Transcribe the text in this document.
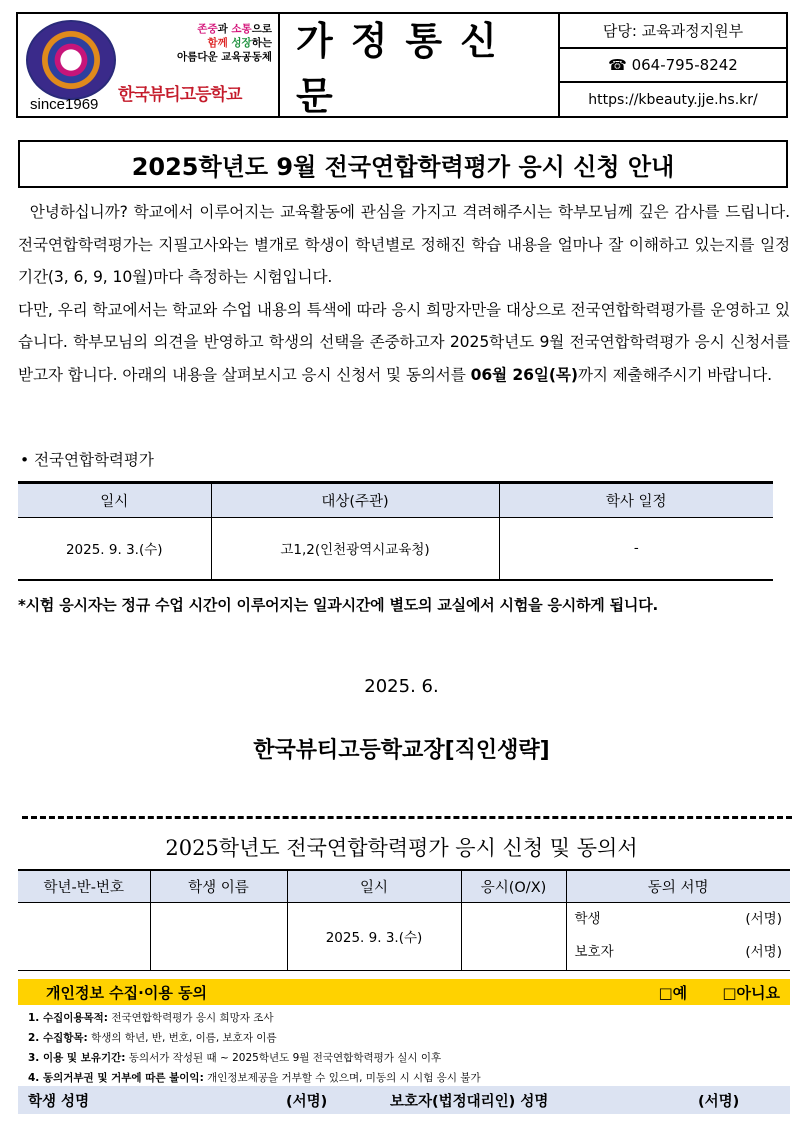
since1969
존중과 소통으로
함께 성장하는
아름다운 교육공동체
한국뷰티고등학교
가정통신문
담당: 교육과정지원부
☎ 064-795-8242
https://kbeauty.jje.hs.kr/
2025학년도 9월 전국연합학력평가 응시 신청 안내

안녕하십니까? 학교에서 이루어지는 교육활동에 관심을 가지고 격려해주시는 학부모님께 깊은 감사를 드립니다. 전국연합학력평가는 지필고사와는 별개로 학생이 학년별로 정해진 학습 내용을 얼마나 잘 이해하고 있는지를 일정 기간(3, 6, 9, 10월)마다 측정하는 시험입니다.

다만, 우리 학교에서는 학교와 수업 내용의 특색에 따라 응시 희망자만을 대상으로 전국연합학력평가를 운영하고 있습니다. 학부모님의 의견을 반영하고 학생의 선택을 존중하고자 2025학년도 9월 전국연합학력평가 응시 신청서를 받고자 합니다. 아래의 내용을 살펴보시고 응시 신청서 및 동의서를 06월 26일(목)까지 제출해주시기 바랍니다.

• 전국연합학력평가
일시	대상(주관)	학사 일정
2025. 9. 3.(수)	고1,2(인천광역시교육청)	-
*시험 응시자는 정규 수업 시간이 이루어지는 일과시간에 별도의 교실에서 시험을 응시하게 됩니다.
2025. 6.
한국뷰티고등학교장[직인생략]
2025학년도 전국연합학력평가 응시 신청 및 동의서
학년-반-번호	학생 이름	일시	응시(O/X)	동의 서명
		2025. 9. 3.(수)		학생 (서명)
보호자 (서명)
개인정보 수집·이용 동의	□예 □아니요
1. 수집이용목적: 전국연합학력평가 응시 희망자 조사
2. 수집항목: 학생의 학년, 반, 번호, 이름, 보호자 이름
3. 이용 및 보유기간: 동의서가 작성된 때 ~ 2025학년도 9월 전국연합학력평가 실시 이후
4. 동의거부권 및 거부에 따른 불이익: 개인정보제공을 거부할 수 있으며, 미동의 시 시험 응시 불가
학생 성명	(서명)	보호자(법정대리인) 성명	(서명)
